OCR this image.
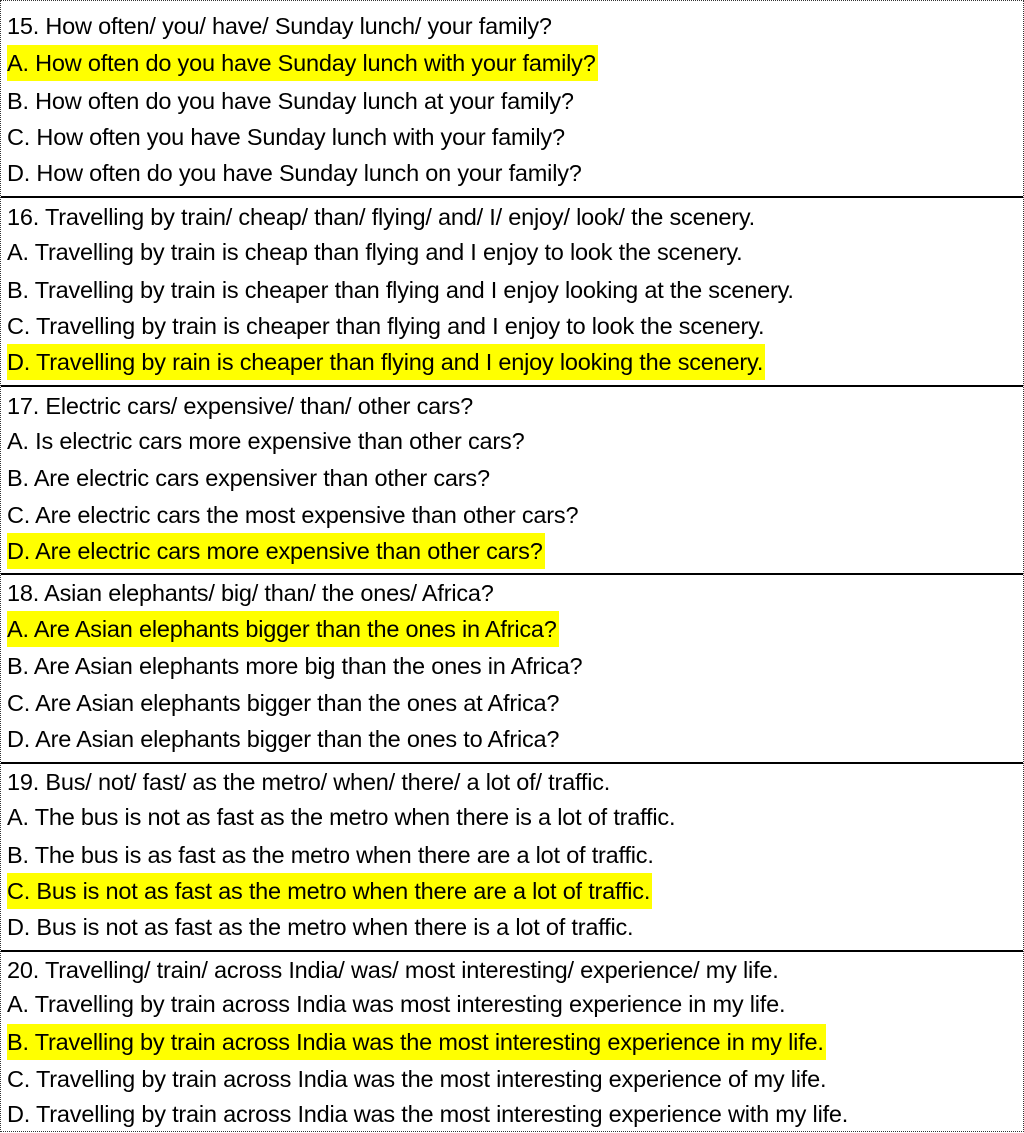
15. How often/ you/ have/ Sunday lunch/ your family?
A. How often do you have Sunday lunch with your family?
B. How often do you have Sunday lunch at your family?
C. How often you have Sunday lunch with your family?
D. How often do you have Sunday lunch on your family?
16. Travelling by train/ cheap/ than/ flying/ and/ I/ enjoy/ look/ the scenery.
A. Travelling by train is cheap than flying and I enjoy to look the scenery.
B. Travelling by train is cheaper than flying and I enjoy looking at the scenery.
C. Travelling by train is cheaper than flying and I enjoy to look the scenery.
D. Travelling by rain is cheaper than flying and I enjoy looking the scenery.
17. Electric cars/ expensive/ than/ other cars?
A. Is electric cars more expensive than other cars?
B. Are electric cars expensiver than other cars?
C. Are electric cars the most expensive than other cars?
D. Are electric cars more expensive than other cars?
18. Asian elephants/ big/ than/ the ones/ Africa?
A. Are Asian elephants bigger than the ones in Africa?
B. Are Asian elephants more big than the ones in Africa?
C. Are Asian elephants bigger than the ones at Africa?
D. Are Asian elephants bigger than the ones to Africa?
19. Bus/ not/ fast/ as the metro/ when/ there/ a lot of/ traffic.
A. The bus is not as fast as the metro when there is a lot of traffic.
B. The bus is as fast as the metro when there are a lot of traffic.
C. Bus is not as fast as the metro when there are a lot of traffic.
D. Bus is not as fast as the metro when there is a lot of traffic.
20. Travelling/ train/ across India/ was/ most interesting/ experience/ my life.
A. Travelling by train across India was most interesting experience in my life.
B. Travelling by train across India was the most interesting experience in my life.
C. Travelling by train across India was the most interesting experience of my life.
D. Travelling by train across India was the most interesting experience with my life.
